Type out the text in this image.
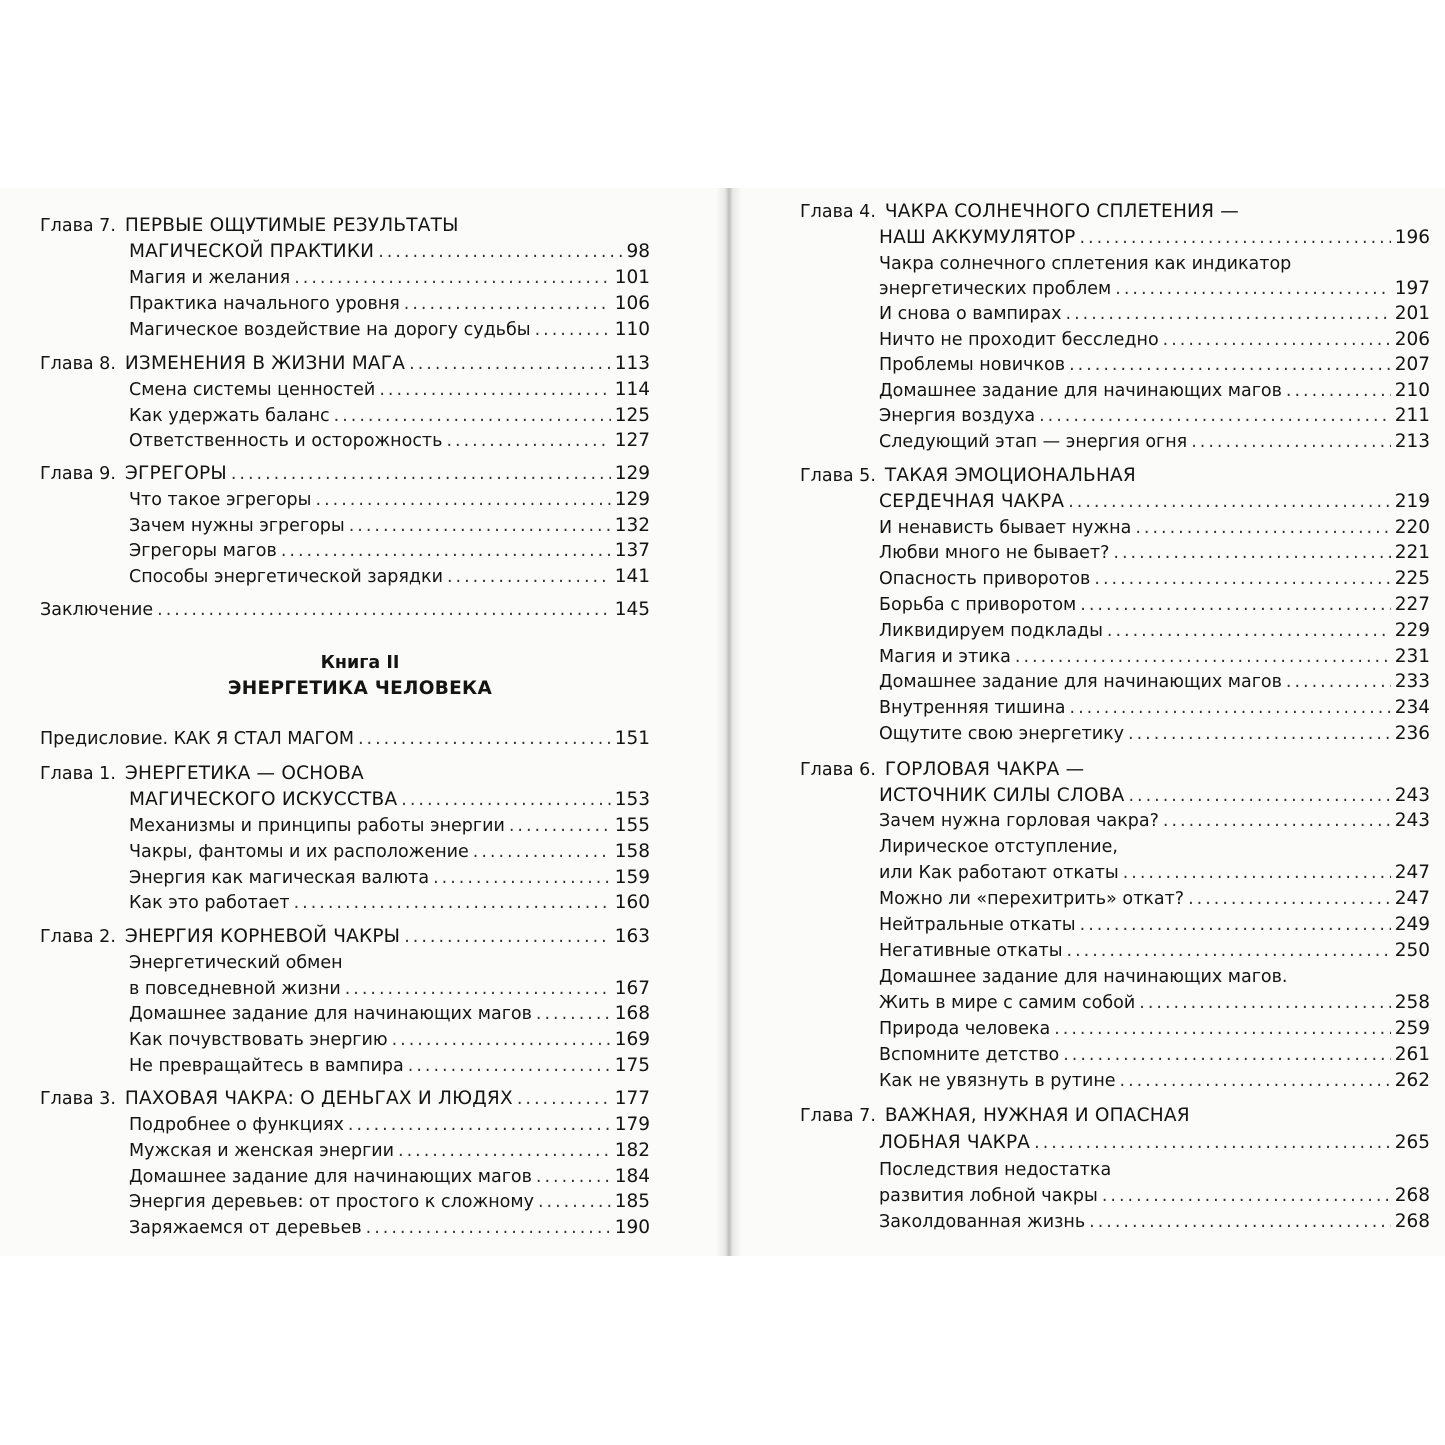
Глава 7. ПЕРВЫЕ ОЩУТИМЫЕ РЕЗУЛЬТАТЫ
МАГИЧЕСКОЙ ПРАКТИКИ .....	98
Магия и желания .....	101
Практика начального уровня .....	106
Магическое воздействие на дорогу судьбы .....	110
Глава 8. ИЗМЕНЕНИЯ В ЖИЗНИ МАГА .....	113
Смена системы ценностей .....	114
Как удержать баланс .....	125
Ответственность и осторожность .....	127
Глава 9. ЭГРЕГОРЫ .....	129
Что такое эгрегоры .....	129
Зачем нужны эгрегоры .....	132
Эгрегоры магов .....	137
Способы энергетической зарядки .....	141
Заключение .....	145
Книга II
ЭНЕРГЕТИКА ЧЕЛОВЕКА
Предисловие. КАК Я СТАЛ МАГОМ .....	151
Глава 1. ЭНЕРГЕТИКА — ОСНОВА
МАГИЧЕСКОГО ИСКУССТВА .....	153
Механизмы и принципы работы энергии .....	155
Чакры, фантомы и их расположение .....	158
Энергия как магическая валюта .....	159
Как это работает .....	160
Глава 2. ЭНЕРГИЯ КОРНЕВОЙ ЧАКРЫ .....	163
Энергетический обмен
в повседневной жизни .....	167
Домашнее задание для начинающих магов .....	168
Как почувствовать энергию .....	169
Не превращайтесь в вампира .....	175
Глава 3. ПАХОВАЯ ЧАКРА: О ДЕНЬГАХ И ЛЮДЯХ .....	177
Подробнее о функциях .....	179
Мужская и женская энергии .....	182
Домашнее задание для начинающих магов .....	184
Энергия деревьев: от простого к сложному .....	185
Заряжаемся от деревьев .....	190
Глава 4. ЧАКРА СОЛНЕЧНОГО СПЛЕТЕНИЯ —
НАШ АККУМУЛЯТОР .....	196
Чакра солнечного сплетения как индикатор
энергетических проблем .....	197
И снова о вампирах .....	201
Ничто не проходит бесследно .....	206
Проблемы новичков .....	207
Домашнее задание для начинающих магов .....	210
Энергия воздуха .....	211
Следующий этап — энергия огня .....	213
Глава 5. ТАКАЯ ЭМОЦИОНАЛЬНАЯ
СЕРДЕЧНАЯ ЧАКРА .....	219
И ненависть бывает нужна .....	220
Любви много не бывает? .....	221
Опасность приворотов .....	225
Борьба с приворотом .....	227
Ликвидируем подклады .....	229
Магия и этика .....	231
Домашнее задание для начинающих магов .....	233
Внутренняя тишина .....	234
Ощутите свою энергетику .....	236
Глава 6. ГОРЛОВАЯ ЧАКРА —
ИСТОЧНИК СИЛЫ СЛОВА .....	243
Зачем нужна горловая чакра? .....	243
Лирическое отступление,
или Как работают откаты .....	247
Можно ли «перехитрить» откат? .....	247
Нейтральные откаты .....	249
Негативные откаты .....	250
Домашнее задание для начинающих магов.
Жить в мире с самим собой .....	258
Природа человека .....	259
Вспомните детство .....	261
Как не увязнуть в рутине .....	262
Глава 7. ВАЖНАЯ, НУЖНАЯ И ОПАСНАЯ
ЛОБНАЯ ЧАКРА .....	265
Последствия недостатка
развития лобной чакры .....	268
Заколдованная жизнь .....	268
